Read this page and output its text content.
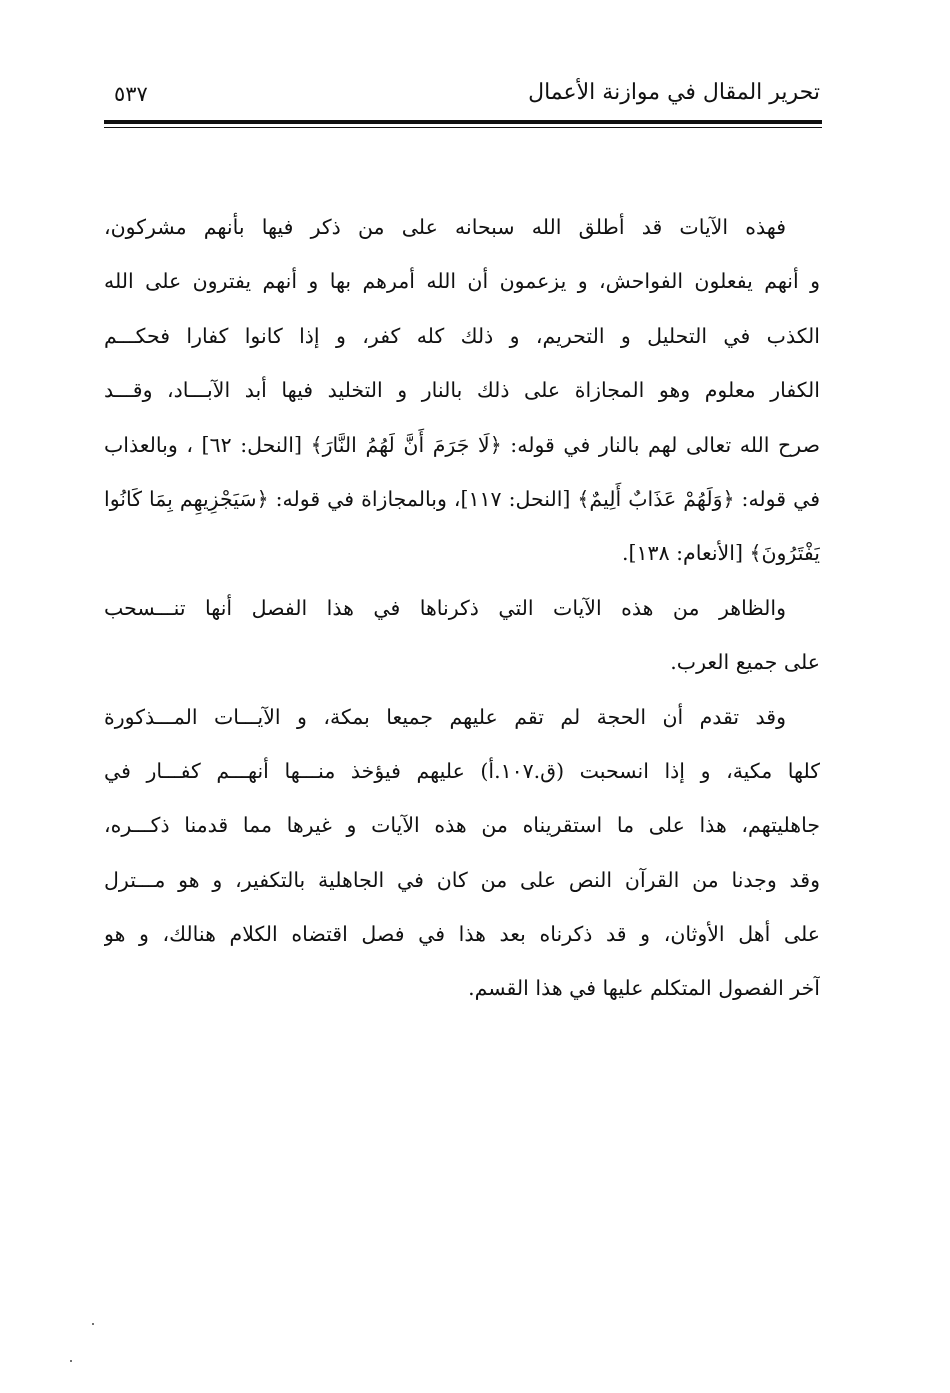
تحرير المقال في موازنة الأعمال
٥٣٧
فهذه الآيات قد أطلق الله سبحانه على من ذكر فيها بأنهم مشركون،
و أنهم يفعلون الفواحش، و يزعمون أن الله أمرهم بها و أنهم يفترون على الله
الكذب في التحليل و التحريم، و ذلك كله كفر، و إذا كانوا كفارا فحكـــم
الكفار معلوم وهو المجازاة على ذلك بالنار و التخليد فيها أبد الآبـــاد، وقـــد
صرح الله تعالى لهم بالنار في قوله: ﴿لَا جَرَمَ أَنَّ لَهُمُ النَّارَ﴾ [النحل: ٦٢] ، وبالعذاب
في قوله: ﴿وَلَهُمْ عَذَابٌ أَلِيمٌ﴾ [النحل: ١١٧]، وبالمجازاة في قوله: ﴿سَيَجْزِيهِم بِمَا كَانُوا
يَفْتَرُونَ﴾ [الأنعام: ١٣٨].
والظاهر من هذه الآيات التي ذكرناها في هذا الفصل أنها تنـــسحب
على جميع العرب.
وقد تقدم أن الحجة لم تقم عليهم جميعا بمكة، و الآيـــات المـــذكورة
كلها مكية، و إذا انسحبت (ق.١٠٧.أ) عليهم فيؤخذ منـــها أنهـــم كفـــار في
جاهليتهم، هذا على ما استقريناه من هذه الآيات و غيرها مما قدمنا ذكـــره،
وقد وجدنا من القرآن النص على من كان في الجاهلية بالتكفير، و هو مـــترل
على أهل الأوثان، و قد ذكرناه بعد هذا في فصل اقتضاه الكلام هنالك، و هو
آخر الفصول المتكلم عليها في هذا القسم.
